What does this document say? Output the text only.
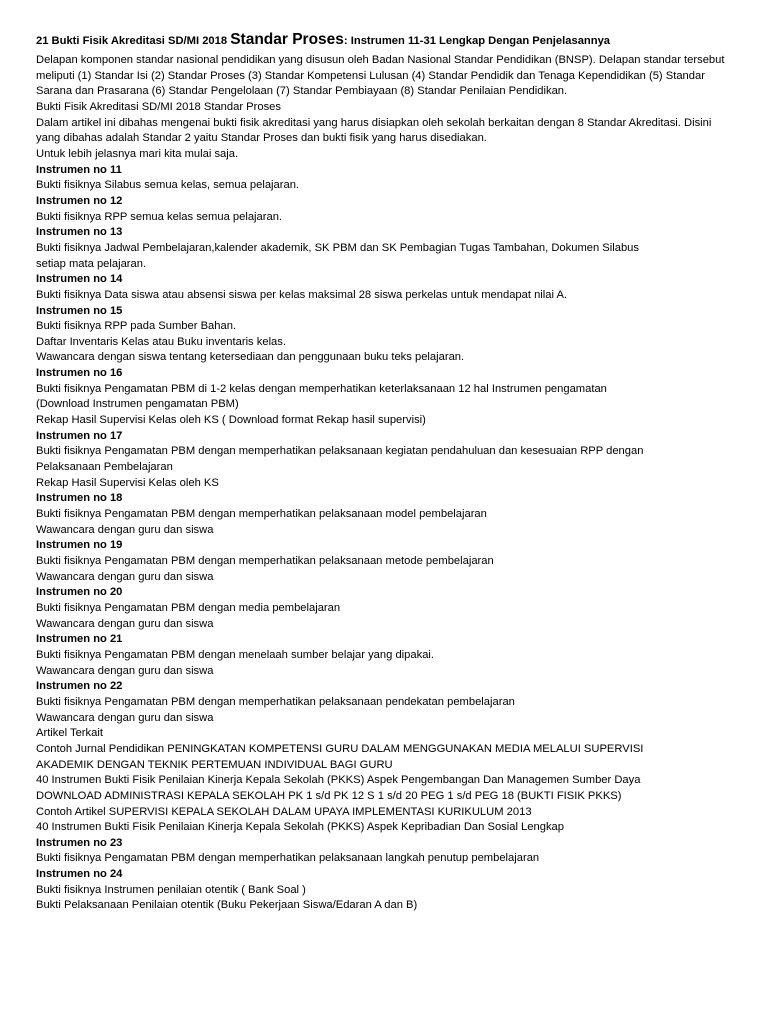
21 Bukti Fisik Akreditasi SD/MI 2018 Standar Proses: Instrumen 11-31 Lengkap Dengan Penjelasannya
Delapan komponen standar nasional pendidikan yang disusun oleh Badan Nasional Standar Pendidikan (BNSP). Delapan standar tersebut meliputi (1) Standar Isi (2) Standar Proses (3) Standar Kompetensi Lulusan (4) Standar Pendidik dan Tenaga Kependidikan (5) Standar Sarana dan Prasarana (6) Standar Pengelolaan (7) Standar Pembiayaan (8) Standar Penilaian Pendidikan.
Bukti Fisik Akreditasi SD/MI 2018 Standar Proses
Dalam artikel ini dibahas mengenai bukti fisik akreditasi yang harus disiapkan oleh sekolah berkaitan dengan 8 Standar Akreditasi. Disini yang dibahas adalah Standar 2 yaitu Standar Proses dan bukti fisik yang harus disediakan.
Untuk lebih jelasnya mari kita mulai saja.
Instrumen no 11
Bukti fisiknya Silabus semua kelas, semua pelajaran.
Instrumen no 12
Bukti fisiknya RPP semua kelas semua pelajaran.
Instrumen no 13
Bukti fisiknya Jadwal Pembelajaran,kalender akademik, SK PBM dan SK Pembagian Tugas Tambahan, Dokumen Silabus
setiap mata pelajaran.
Instrumen no 14
Bukti fisiknya Data siswa atau absensi siswa per kelas maksimal 28 siswa perkelas untuk mendapat nilai A.
Instrumen no 15
Bukti fisiknya RPP pada Sumber Bahan.
Daftar Inventaris Kelas atau Buku inventaris kelas.
Wawancara dengan siswa tentang ketersediaan dan penggunaan buku teks pelajaran.
Instrumen no 16
Bukti fisiknya Pengamatan PBM di 1-2 kelas dengan memperhatikan keterlaksanaan 12 hal Instrumen pengamatan
(Download Instrumen pengamatan PBM)
Rekap Hasil Supervisi Kelas oleh KS ( Download format Rekap hasil supervisi)
Instrumen no 17
Bukti fisiknya Pengamatan PBM dengan memperhatikan pelaksanaan kegiatan pendahuluan dan kesesuaian RPP dengan
Pelaksanaan Pembelajaran
Rekap Hasil Supervisi Kelas oleh KS
Instrumen no 18
Bukti fisiknya Pengamatan PBM dengan memperhatikan pelaksanaan model pembelajaran
Wawancara dengan guru dan siswa
Instrumen no 19
Bukti fisiknya Pengamatan PBM dengan memperhatikan pelaksanaan metode pembelajaran
Wawancara dengan guru dan siswa
Instrumen no 20
Bukti fisiknya Pengamatan PBM dengan media pembelajaran
Wawancara dengan guru dan siswa
Instrumen no 21
Bukti fisiknya Pengamatan PBM dengan menelaah sumber belajar yang dipakai.
Wawancara dengan guru dan siswa
Instrumen no 22
Bukti fisiknya Pengamatan PBM dengan memperhatikan pelaksanaan pendekatan pembelajaran
Wawancara dengan guru dan siswa
Artikel Terkait
Contoh Jurnal Pendidikan PENINGKATAN KOMPETENSI GURU DALAM MENGGUNAKAN MEDIA MELALUI SUPERVISI
AKADEMIK DENGAN TEKNIK PERTEMUAN INDIVIDUAL BAGI GURU
40 Instrumen Bukti Fisik Penilaian Kinerja Kepala Sekolah (PKKS) Aspek Pengembangan Dan Managemen Sumber Daya
DOWNLOAD ADMINISTRASI KEPALA SEKOLAH PK 1 s/d PK 12 S 1 s/d 20 PEG 1 s/d PEG 18 (BUKTI FISIK PKKS)
Contoh Artikel SUPERVISI KEPALA SEKOLAH DALAM UPAYA IMPLEMENTASI KURIKULUM 2013
40 Instrumen Bukti Fisik Penilaian Kinerja Kepala Sekolah (PKKS) Aspek Kepribadian Dan Sosial Lengkap
Instrumen no 23
Bukti fisiknya Pengamatan PBM dengan memperhatikan pelaksanaan langkah penutup pembelajaran
Instrumen no 24
Bukti fisiknya Instrumen penilaian otentik ( Bank Soal )
Bukti Pelaksanaan Penilaian otentik (Buku Pekerjaan Siswa/Edaran A dan B)
